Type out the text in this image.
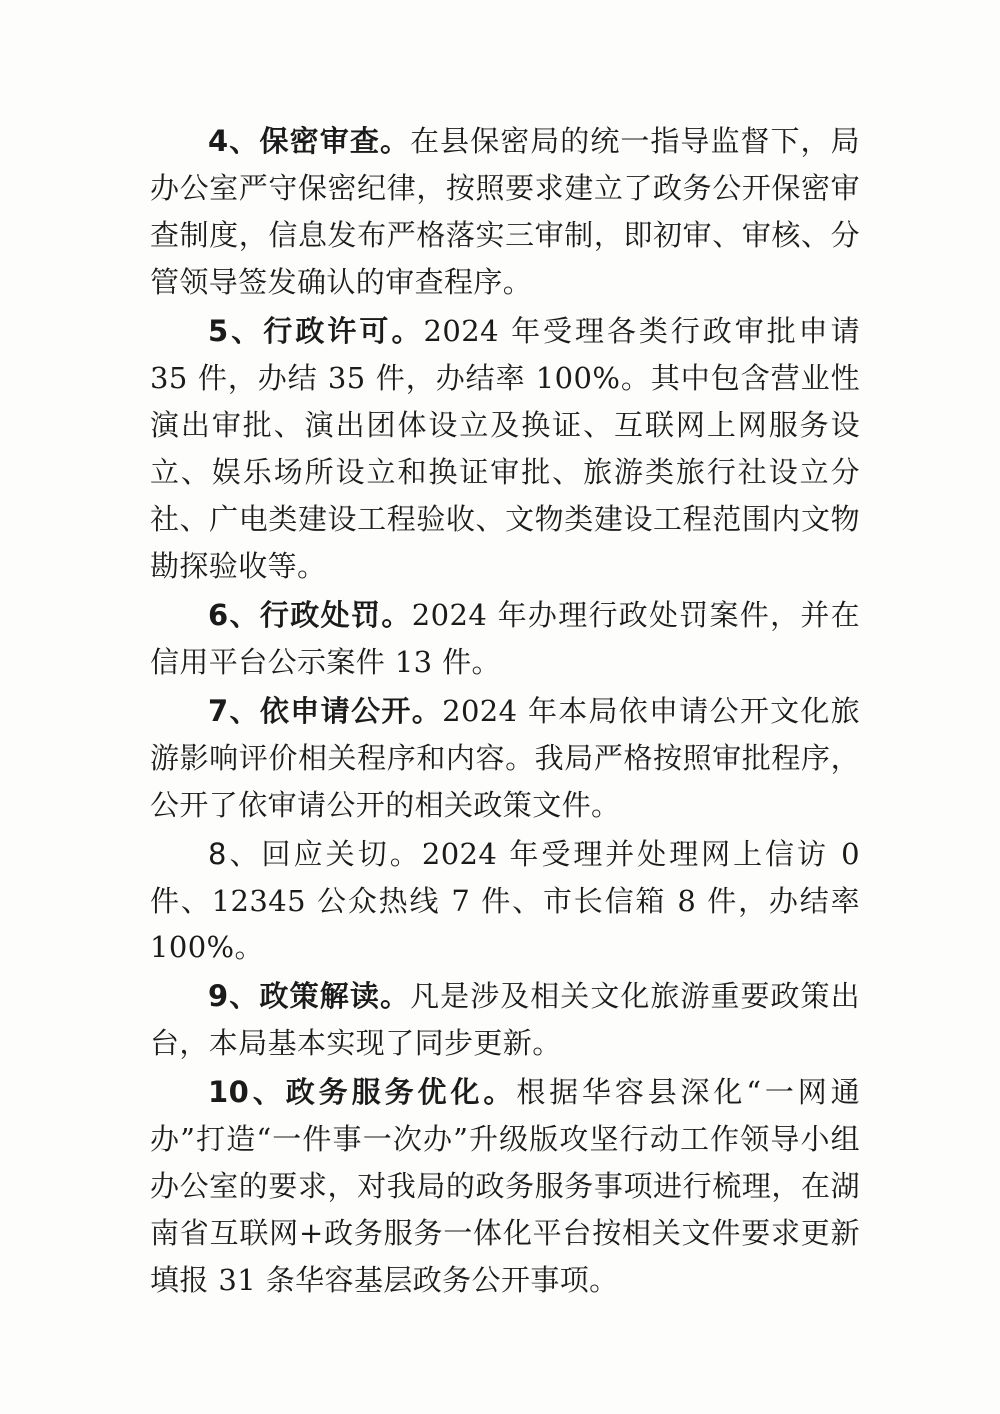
4、保密审查。在县保密局的统一指导监督下，局办公室严守保密纪律，按照要求建立了政务公开保密审查制度，信息发布严格落实三审制，即初审、审核、分管领导签发确认的审查程序。

5、行政许可。2024 年受理各类行政审批申请 35 件，办结 35 件，办结率 100%。其中包含营业性演出审批、演出团体设立及换证、互联网上网服务设立、娱乐场所设立和换证审批、旅游类旅行社设立分社、广电类建设工程验收、文物类建设工程范围内文物勘探验收等。

6、行政处罚。2024 年办理行政处罚案件，并在信用平台公示案件 13 件。

7、依申请公开。2024 年本局依申请公开文化旅游影响评价相关程序和内容。我局严格按照审批程序，公开了依审请公开的相关政策文件。

8、回应关切。2024 年受理并处理网上信访 0 件、12345 公众热线 7 件、市长信箱 8 件，办结率 100%。

9、政策解读。凡是涉及相关文化旅游重要政策出台，本局基本实现了同步更新。

10、政务服务优化。根据华容县深化“一网通办”打造“一件事一次办”升级版攻坚行动工作领导小组办公室的要求，对我局的政务服务事项进行梳理，在湖南省互联网+政务服务一体化平台按相关文件要求更新填报 31 条华容基层政务公开事项。
